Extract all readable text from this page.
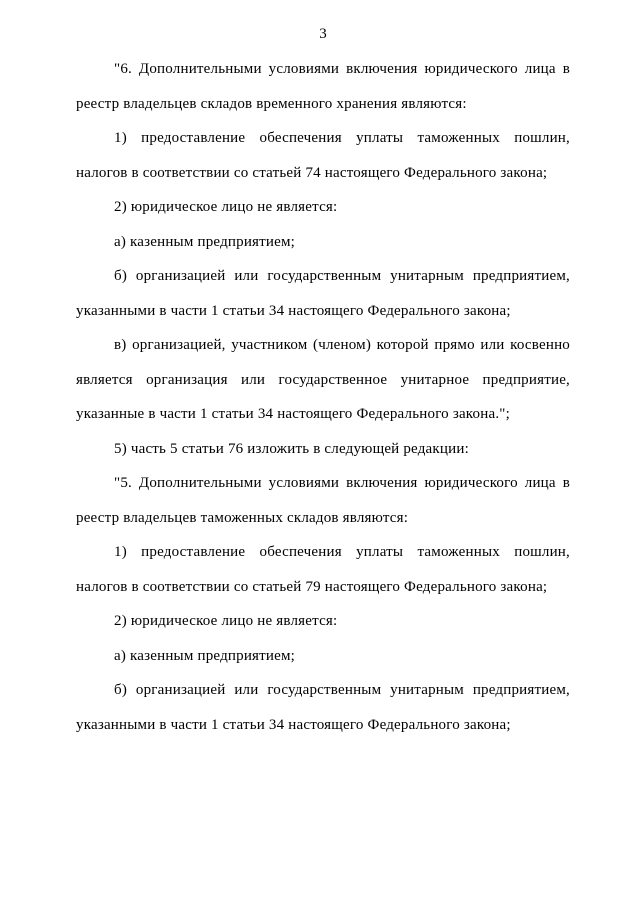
3

"6. Дополнительными условиями включения юридического лица в реестр владельцев складов временного хранения являются:

1) предоставление обеспечения уплаты таможенных пошлин, налогов в соответствии со статьей 74 настоящего Федерального закона;

2) юридическое лицо не является:

а) казенным предприятием;

б) организацией или государственным унитарным предприятием, указанными в части 1 статьи 34 настоящего Федерального закона;

в) организацией, участником (членом) которой прямо или косвенно является организация или государственное унитарное предприятие, указанные в части 1 статьи 34 настоящего Федерального закона.";

5) часть 5 статьи 76 изложить в следующей редакции:

"5. Дополнительными условиями включения юридического лица в реестр владельцев таможенных складов являются:

1) предоставление обеспечения уплаты таможенных пошлин, налогов в соответствии со статьей 79 настоящего Федерального закона;

2) юридическое лицо не является:

а) казенным предприятием;

б) организацией или государственным унитарным предприятием, указанными в части 1 статьи 34 настоящего Федерального закона;
